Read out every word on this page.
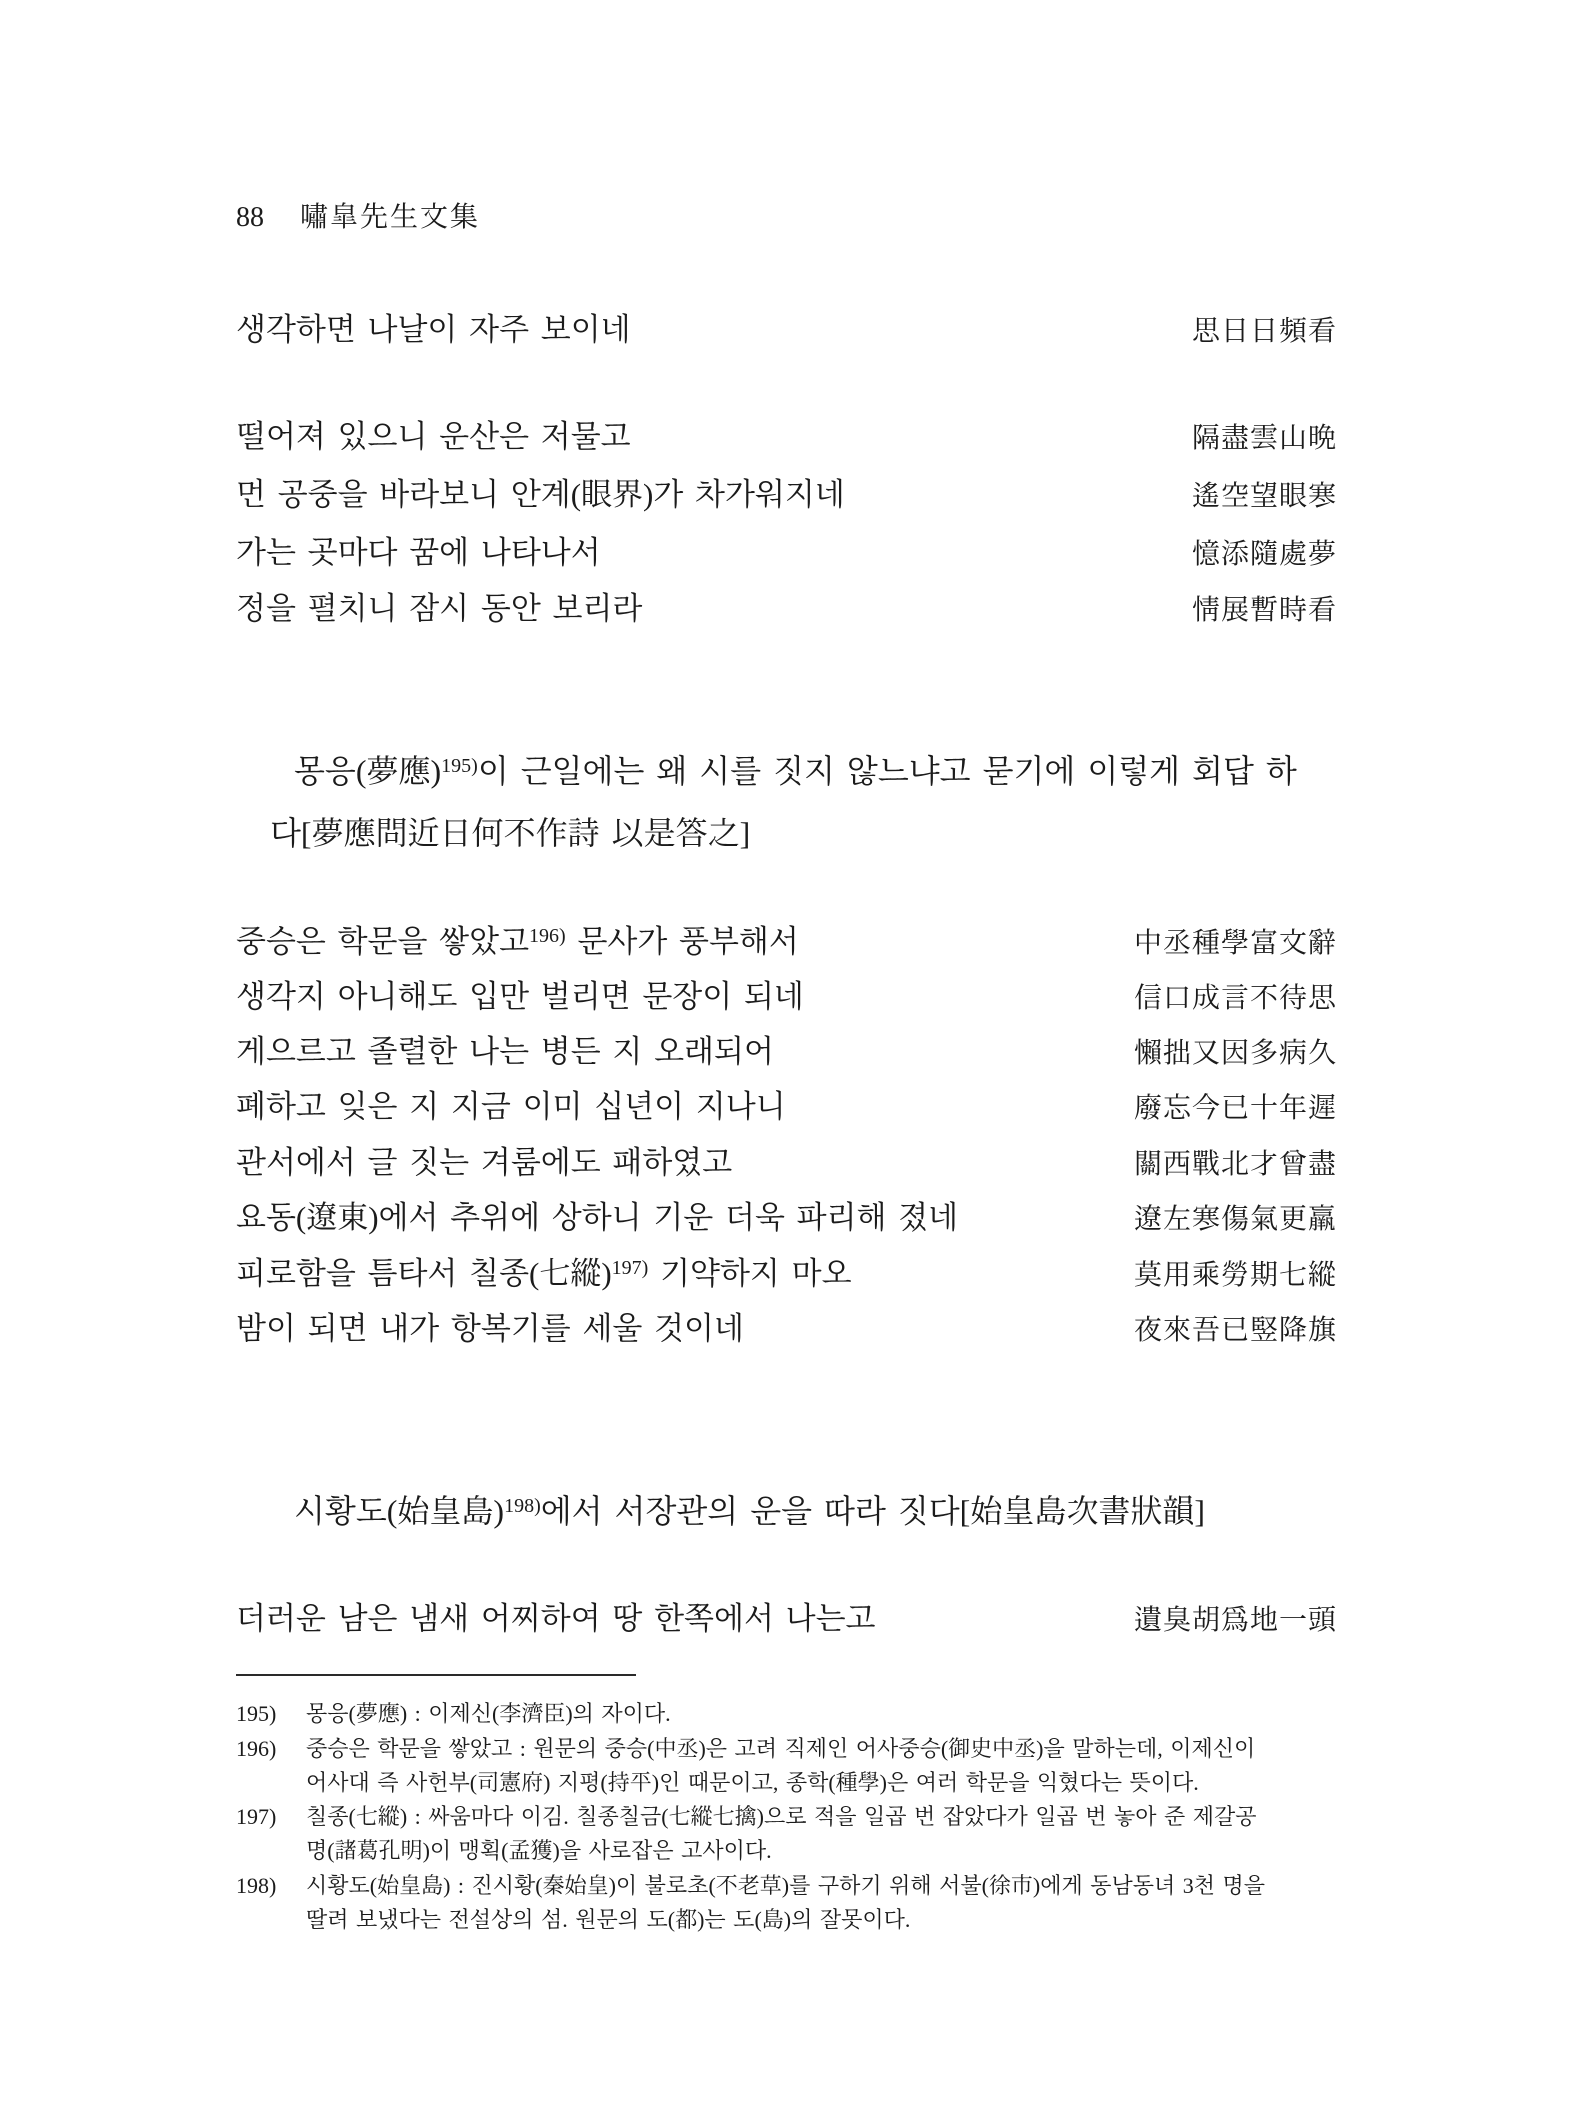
88 嘯皐先生文集
생각하면 나날이 자주 보이네	思日日頻看
떨어져 있으니 운산은 저물고	隔盡雲山晩
먼 공중을 바라보니 안계(眼界)가 차가워지네	遙空望眼寒
가는 곳마다 꿈에 나타나서	憶添隨處夢
정을 펼치니 잠시 동안 보리라	情展暫時看
몽응(夢應)$^{195)}$이 근일에는 왜 시를 짓지 않느냐고 묻기에 이렇게 회답 하
다[夢應問近日何不作詩 以是答之]
중승은 학문을 쌓았고$^{196)}$ 문사가 풍부해서	中丞種學富文辭
생각지 아니해도 입만 벌리면 문장이 되네	信口成言不待思
게으르고 졸렬한 나는 병든 지 오래되어	懶拙又因多病久
폐하고 잊은 지 지금 이미 십년이 지나니	廢忘今已十年遲
관서에서 글 짓는 겨룸에도 패하였고	關西戰北才曾盡
요동(遼東)에서 추위에 상하니 기운 더욱 파리해 졌네	遼左寒傷氣更羸
피로함을 틈타서 칠종(七縱)$^{197)}$ 기약하지 마오	莫用乘勞期七縱
밤이 되면 내가 항복기를 세울 것이네	夜來吾已竪降旗
시황도(始皇島)$^{198)}$에서 서장관의 운을 따라 짓다[始皇島次書狀韻]
더러운 남은 냄새 어찌하여 땅 한쪽에서 나는고	遺臭胡爲地一頭
195) 몽응(夢應) : 이제신(李濟臣)의 자이다.
196) 중승은 학문을 쌓았고 : 원문의 중승(中丞)은 고려 직제인 어사중승(御史中丞)을 말하는데, 이제신이
어사대 즉 사헌부(司憲府) 지평(持平)인 때문이고, 종학(種學)은 여러 학문을 익혔다는 뜻이다.
197) 칠종(七縱) : 싸움마다 이김. 칠종칠금(七縱七擒)으로 적을 일곱 번 잡았다가 일곱 번 놓아 준 제갈공
명(諸葛孔明)이 맹획(孟獲)을 사로잡은 고사이다.
198) 시황도(始皇島) : 진시황(秦始皇)이 불로초(不老草)를 구하기 위해 서불(徐市)에게 동남동녀 3천 명을
딸려 보냈다는 전설상의 섬. 원문의 도(都)는 도(島)의 잘못이다.
